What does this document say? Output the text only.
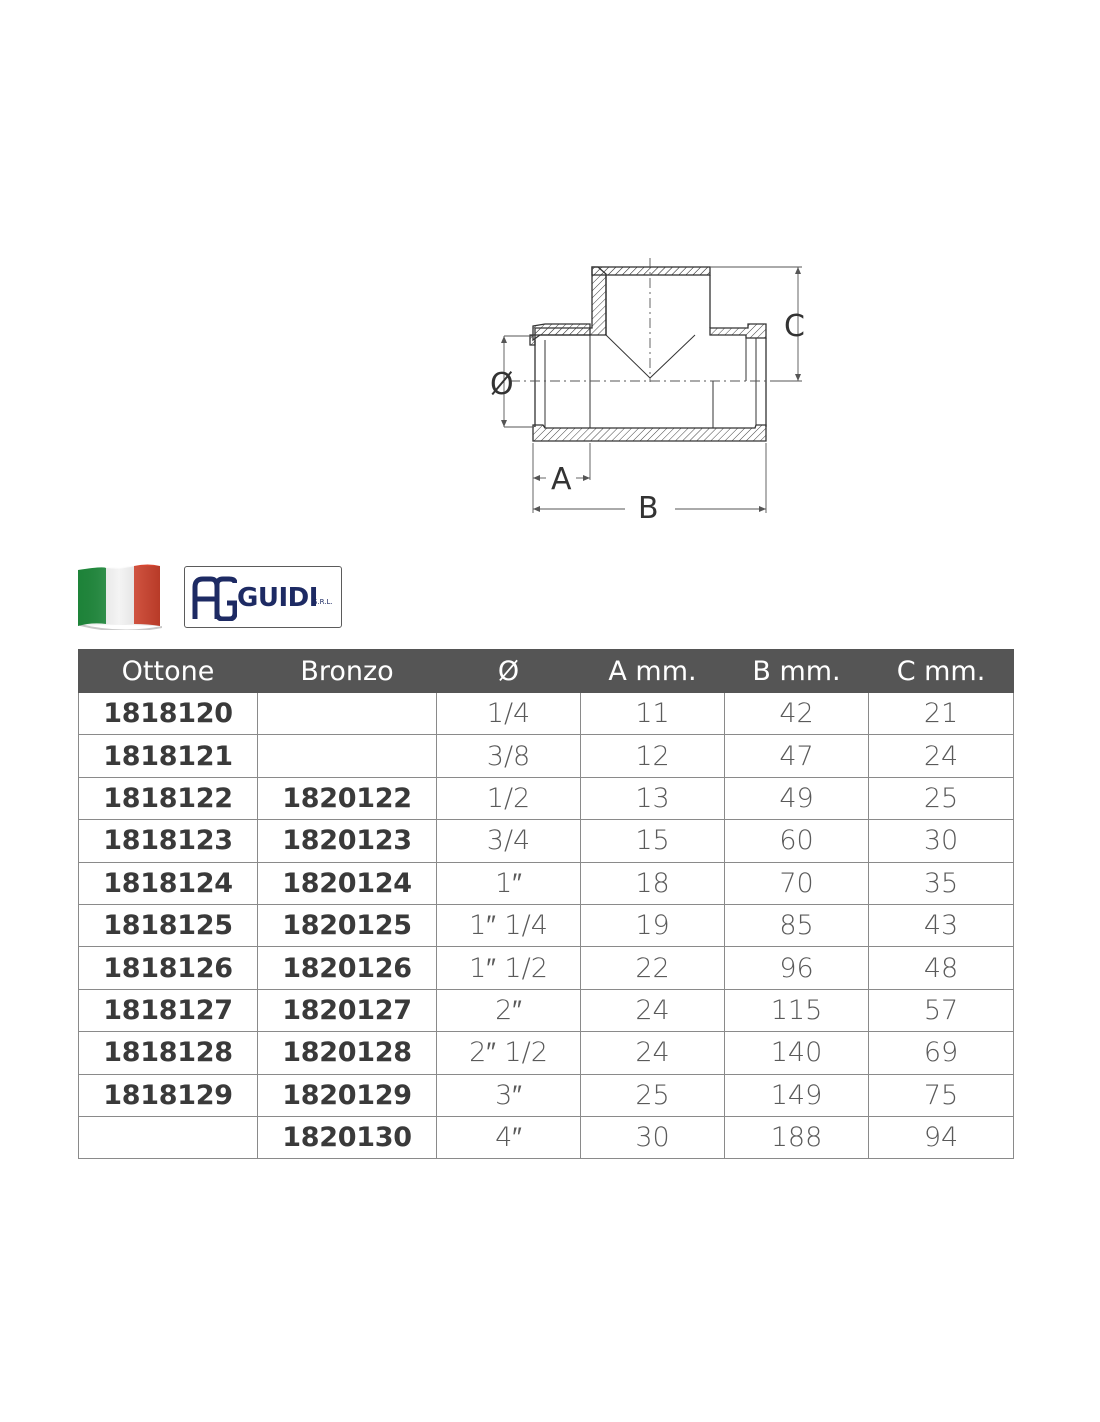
Ø
A
B
C
GUIDI
S.R.L.
Ottone	Bronzo	Ø	A mm.	B mm.	C mm.
1818120		1/4	11	42	21
1818121		3/8	12	47	24
1818122	1820122	1/2	13	49	25
1818123	1820123	3/4	15	60	30
1818124	1820124	1″	18	70	35
1818125	1820125	1″ 1/4	19	85	43
1818126	1820126	1″ 1/2	22	96	48
1818127	1820127	2″	24	115	57
1818128	1820128	2″ 1/2	24	140	69
1818129	1820129	3″	25	149	75
	1820130	4″	30	188	94
